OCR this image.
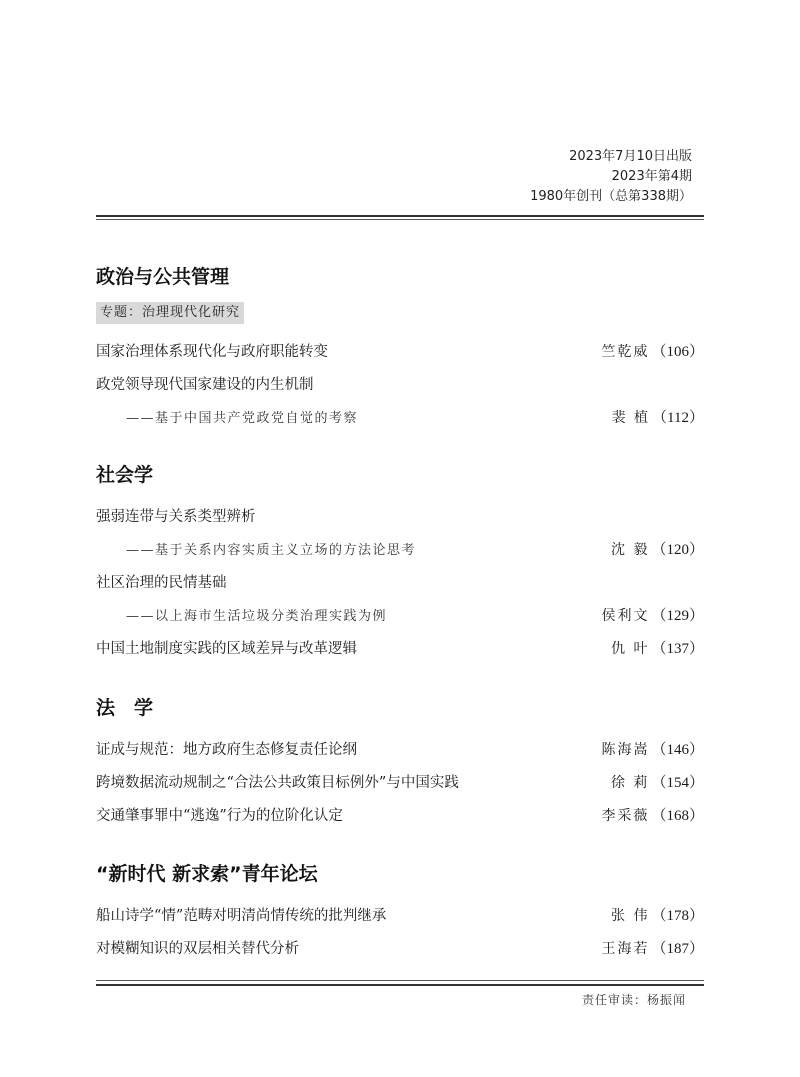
2023年7月10日出版
2023年第4期
1980年创刊（总第338期）
政治与公共管理
专题：治理现代化研究
国家治理体系现代化与政府职能转变	竺乾威 （106）
政党领导现代国家建设的内生机制
——基于中国共产党政党自觉的考察	裴 植 （112）
社会学
强弱连带与关系类型辨析
——基于关系内容实质主义立场的方法论思考	沈 毅 （120）
社区治理的民情基础
——以上海市生活垃圾分类治理实践为例	侯利文 （129）
中国土地制度实践的区域差异与改革逻辑	仇 叶 （137）
法　学
证成与规范：地方政府生态修复责任论纲	陈海嵩 （146）
跨境数据流动规制之“合法公共政策目标例外”与中国实践	徐 莉 （154）
交通肇事罪中“逃逸”行为的位阶化认定	李采薇 （168）
“新时代 新求索”青年论坛
船山诗学“情”范畴对明清尚情传统的批判继承	张 伟 （178）
对模糊知识的双层相关替代分析	王海若 （187）
责任审读：杨振闻
